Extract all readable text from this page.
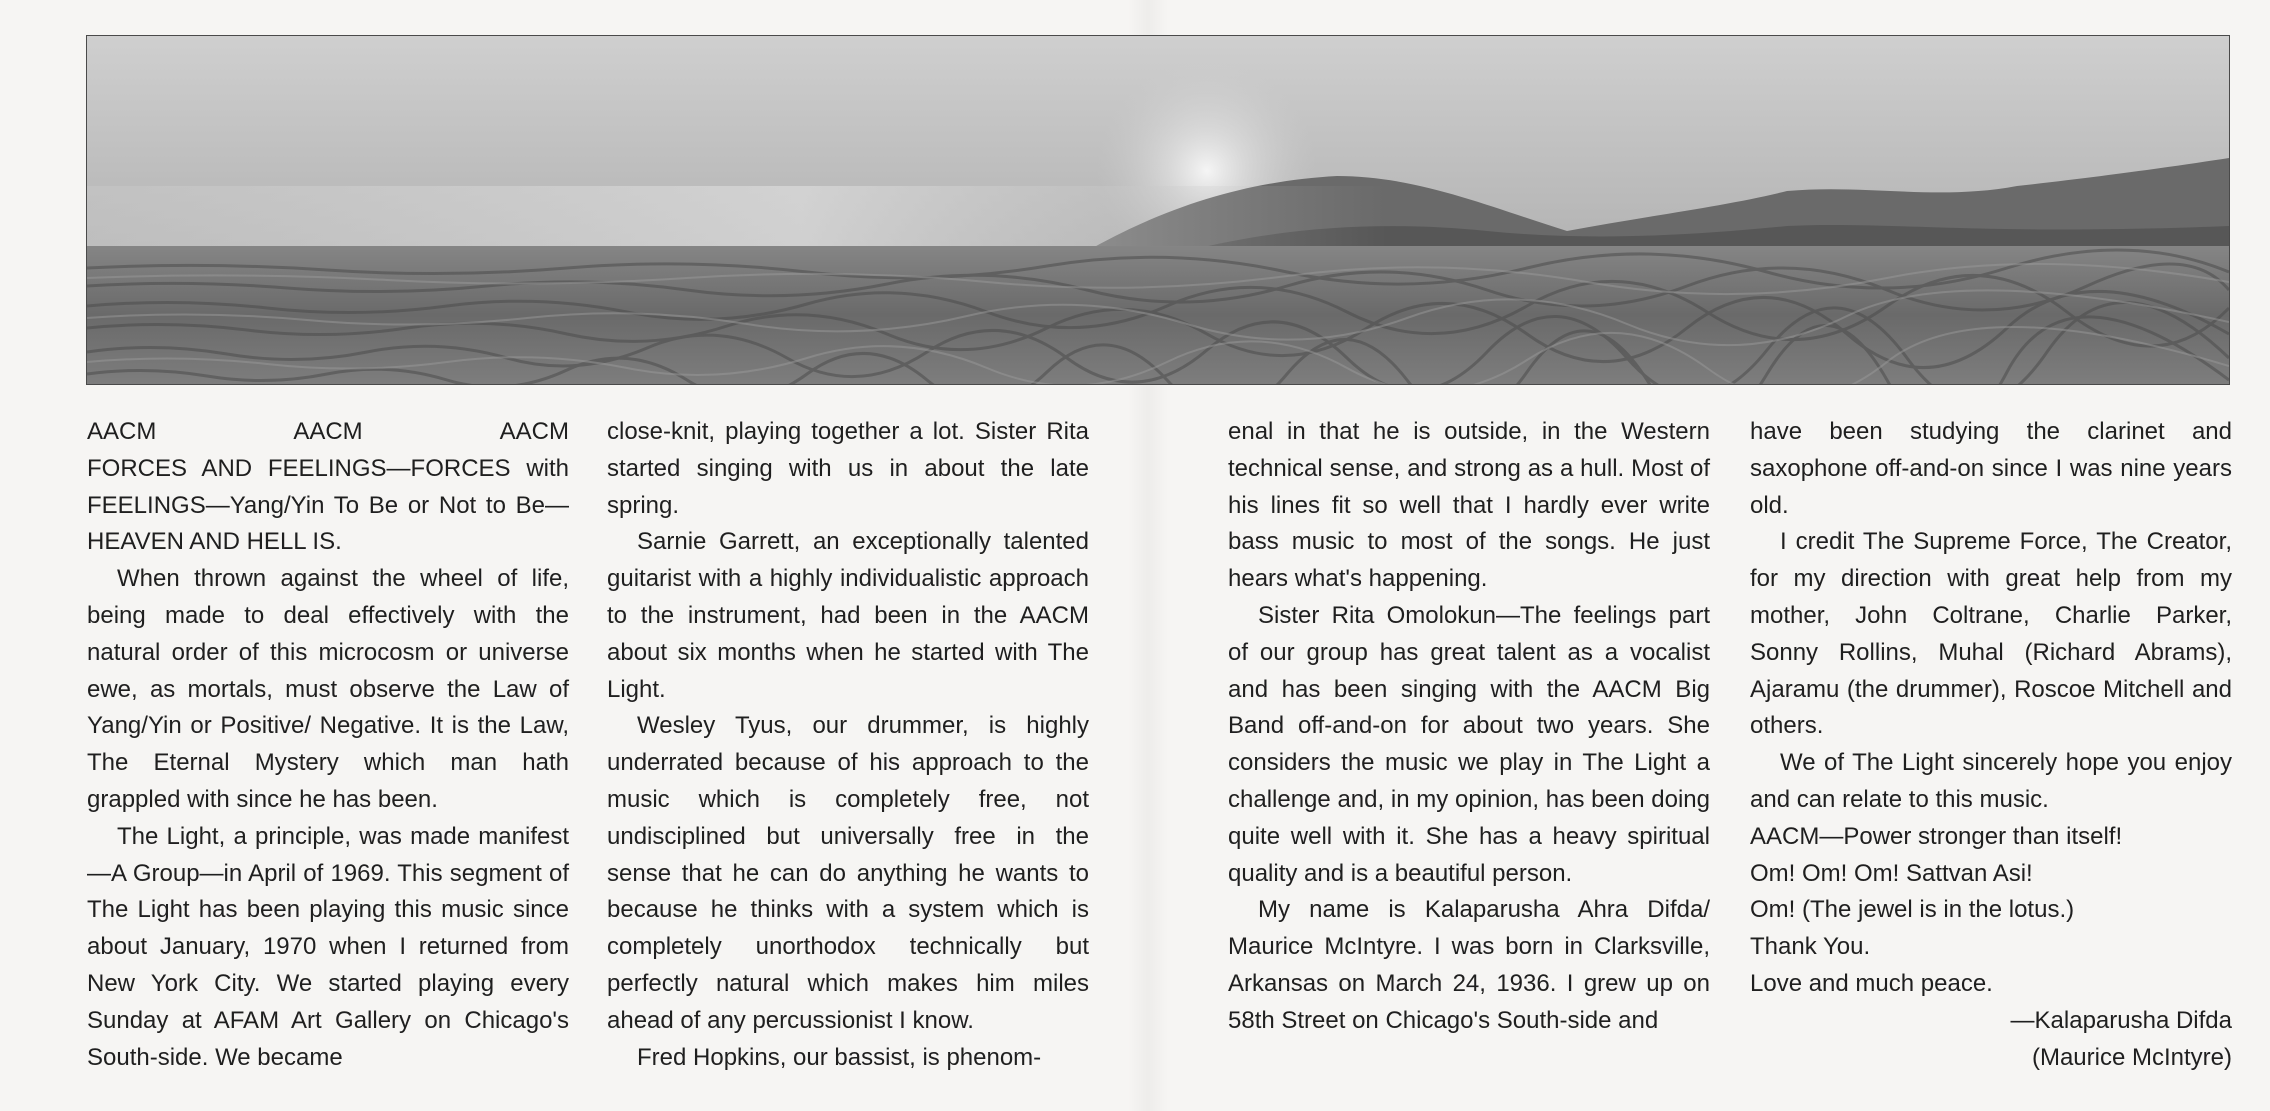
AACM	AACM	AACM

FORCES AND FEELINGS—FORCES with FEELINGS—Yang/Yin To Be or Not to Be—HEAVEN AND HELL IS.

When thrown against the wheel of life, being made to deal effectively with the natural order of this microcosm or universe ewe, as mortals, must observe the Law of Yang/Yin or Positive/ Negative. It is the Law, The Eternal Mystery which man hath grappled with since he has been.

The Light, a principle, was made manifest—A Group—in April of 1969. This segment of The Light has been playing this music since about January, 1970 when I returned from New York City. We started playing every Sunday at AFAM Art Gallery on Chicago's South-side. We became

close-knit, playing together a lot. Sister Rita started singing with us in about the late spring.

Sarnie Garrett, an exceptionally talented guitarist with a highly individualistic approach to the instrument, had been in the AACM about six months when he started with The Light.

Wesley Tyus, our drummer, is highly underrated because of his approach to the music which is completely free, not undisciplined but universally free in the sense that he can do anything he wants to because he thinks with a system which is completely unorthodox technically but perfectly natural which makes him miles ahead of any percussionist I know.

Fred Hopkins, our bassist, is phenom-

enal in that he is outside, in the Western technical sense, and strong as a hull. Most of his lines fit so well that I hardly ever write bass music to most of the songs. He just hears what's happening.

Sister Rita Omolokun—The feelings part of our group has great talent as a vocalist and has been singing with the AACM Big Band off-and-on for about two years. She considers the music we play in The Light a challenge and, in my opinion, has been doing quite well with it. She has a heavy spiritual quality and is a beautiful person.

My name is Kalaparusha Ahra Difda/ Maurice McIntyre. I was born in Clarksville, Arkansas on March 24, 1936. I grew up on 58th Street on Chicago's South-side and

have been studying the clarinet and saxophone off-and-on since I was nine years old.

I credit The Supreme Force, The Creator, for my direction with great help from my mother, John Coltrane, Charlie Parker, Sonny Rollins, Muhal (Richard Abrams), Ajaramu (the drummer), Roscoe Mitchell and others.

We of The Light sincerely hope you enjoy and can relate to this music.

AACM—Power stronger than itself!

Om! Om! Om! Sattvan Asi!

Om! (The jewel is in the lotus.)

Thank You.

Love and much peace.

—Kalaparusha Difda

(Maurice McIntyre)
